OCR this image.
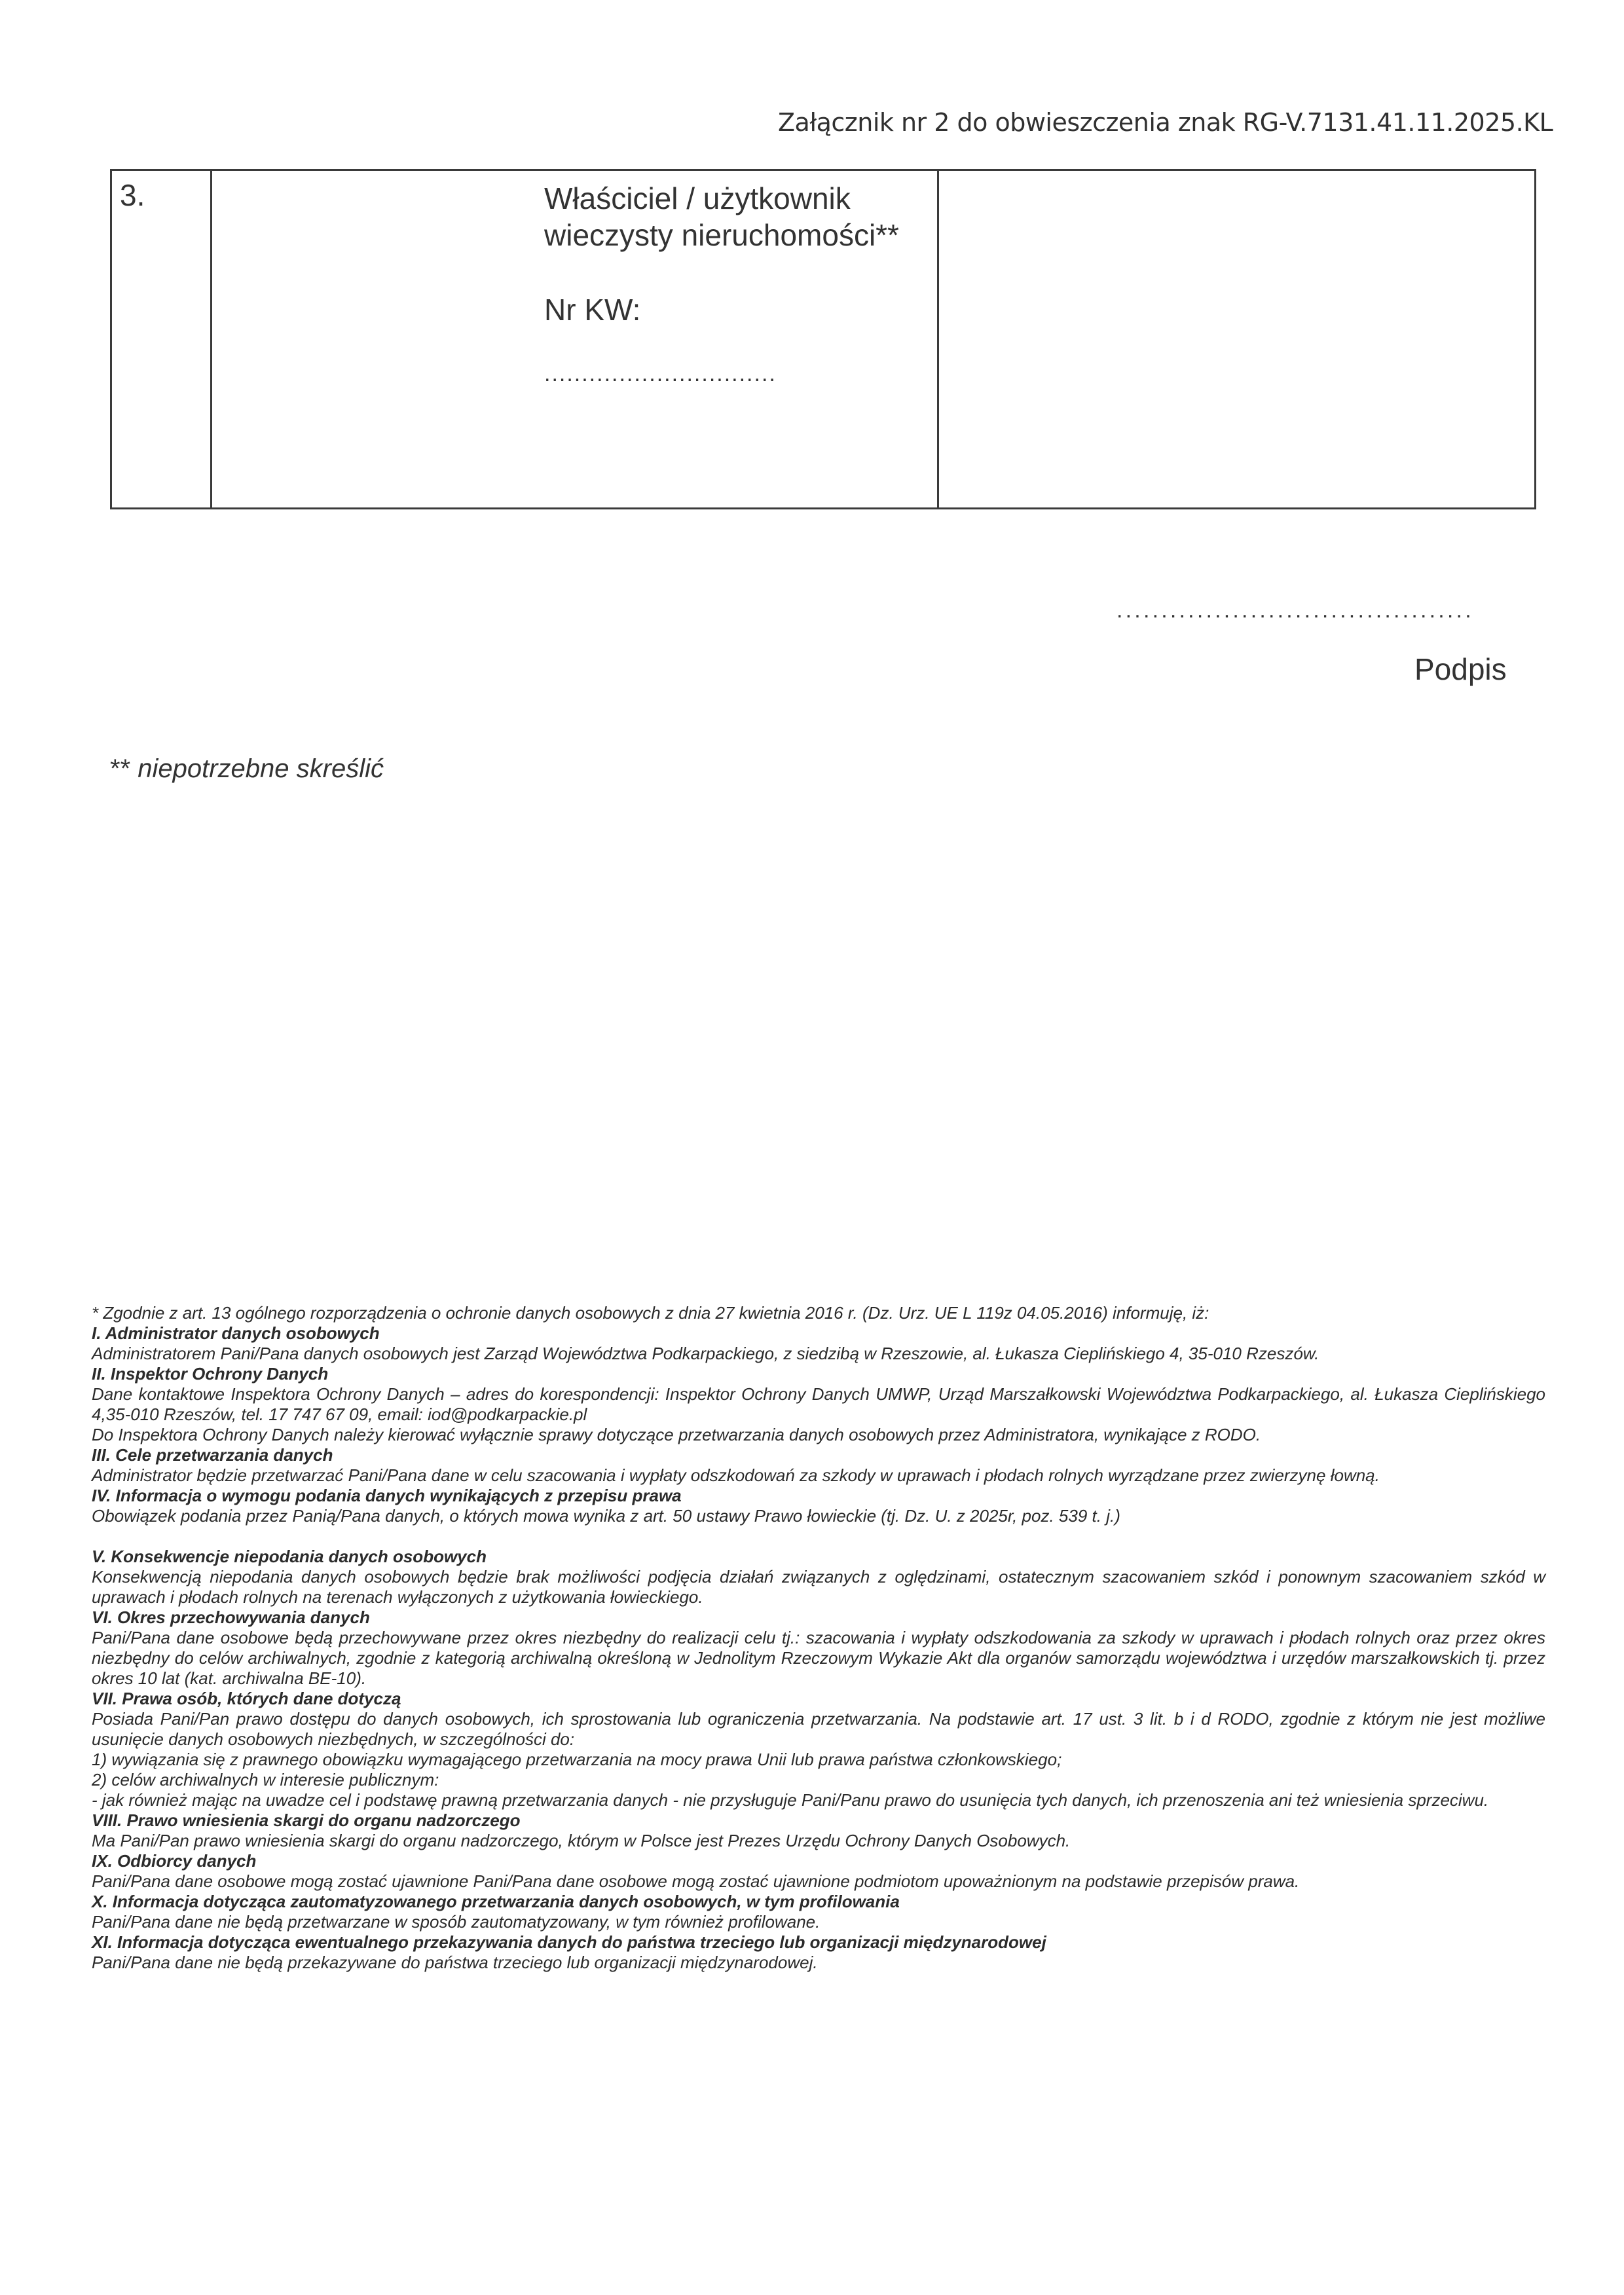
Załącznik nr 2 do obwieszczenia znak RG-V.7131.41.11.2025.KL
3.	Właściciel / użytkownik
wieczysty nieruchomości**
Nr KW:
...............................
........................................
Podpis
** niepotrzebne skreślić

* Zgodnie z art. 13 ogólnego rozporządzenia o ochronie danych osobowych z dnia 27 kwietnia 2016 r. (Dz. Urz. UE L 119z 04.05.2016) informuję, iż:

I. Administrator danych osobowych

Administratorem Pani/Pana danych osobowych jest Zarząd Województwa Podkarpackiego, z siedzibą w Rzeszowie, al. Łukasza Cieplińskiego 4, 35-010 Rzeszów.

II. Inspektor Ochrony Danych

Dane kontaktowe Inspektora Ochrony Danych – adres do korespondencji: Inspektor Ochrony Danych UMWP, Urząd Marszałkowski Województwa Podkarpackiego, al. Łukasza Cieplińskiego 4,35-010 Rzeszów, tel. 17 747 67 09, email: iod@podkarpackie.pl

Do Inspektora Ochrony Danych należy kierować wyłącznie sprawy dotyczące przetwarzania danych osobowych przez Administratora, wynikające z RODO.

III. Cele przetwarzania danych

Administrator będzie przetwarzać Pani/Pana dane w celu szacowania i wypłaty odszkodowań za szkody w uprawach i płodach rolnych wyrządzane przez zwierzynę łowną.

IV. Informacja o wymogu podania danych wynikających z przepisu prawa

Obowiązek podania przez Panią/Pana danych, o których mowa wynika z art. 50 ustawy Prawo łowieckie (tj. Dz. U. z 2025r, poz. 539 t. j.)

V. Konsekwencje niepodania danych osobowych

Konsekwencją niepodania danych osobowych będzie brak możliwości podjęcia działań związanych z oględzinami, ostatecznym szacowaniem szkód i ponownym szacowaniem szkód w uprawach i płodach rolnych na terenach wyłączonych z użytkowania łowieckiego.

VI. Okres przechowywania danych

Pani/Pana dane osobowe będą przechowywane przez okres niezbędny do realizacji celu tj.: szacowania i wypłaty odszkodowania za szkody w uprawach i płodach rolnych oraz przez okres niezbędny do celów archiwalnych, zgodnie z kategorią archiwalną określoną w Jednolitym Rzeczowym Wykazie Akt dla organów samorządu województwa i urzędów marszałkowskich tj. przez okres 10 lat (kat. archiwalna BE-10).

VII. Prawa osób, których dane dotyczą

Posiada Pani/Pan prawo dostępu do danych osobowych, ich sprostowania lub ograniczenia przetwarzania. Na podstawie art. 17 ust. 3 lit. b i d RODO, zgodnie z którym nie jest możliwe usunięcie danych osobowych niezbędnych, w szczególności do:

1) wywiązania się z prawnego obowiązku wymagającego przetwarzania na mocy prawa Unii lub prawa państwa członkowskiego;

2) celów archiwalnych w interesie publicznym:

- jak również mając na uwadze cel i podstawę prawną przetwarzania danych - nie przysługuje Pani/Panu prawo do usunięcia tych danych, ich przenoszenia ani też wniesienia sprzeciwu.

VIII. Prawo wniesienia skargi do organu nadzorczego

Ma Pani/Pan prawo wniesienia skargi do organu nadzorczego, którym w Polsce jest Prezes Urzędu Ochrony Danych Osobowych.

IX. Odbiorcy danych

Pani/Pana dane osobowe mogą zostać ujawnione Pani/Pana dane osobowe mogą zostać ujawnione podmiotom upoważnionym na podstawie przepisów prawa.

X. Informacja dotycząca zautomatyzowanego przetwarzania danych osobowych, w tym profilowania

Pani/Pana dane nie będą przetwarzane w sposób zautomatyzowany, w tym również profilowane.

XI. Informacja dotycząca ewentualnego przekazywania danych do państwa trzeciego lub organizacji międzynarodowej

Pani/Pana dane nie będą przekazywane do państwa trzeciego lub organizacji międzynarodowej.
